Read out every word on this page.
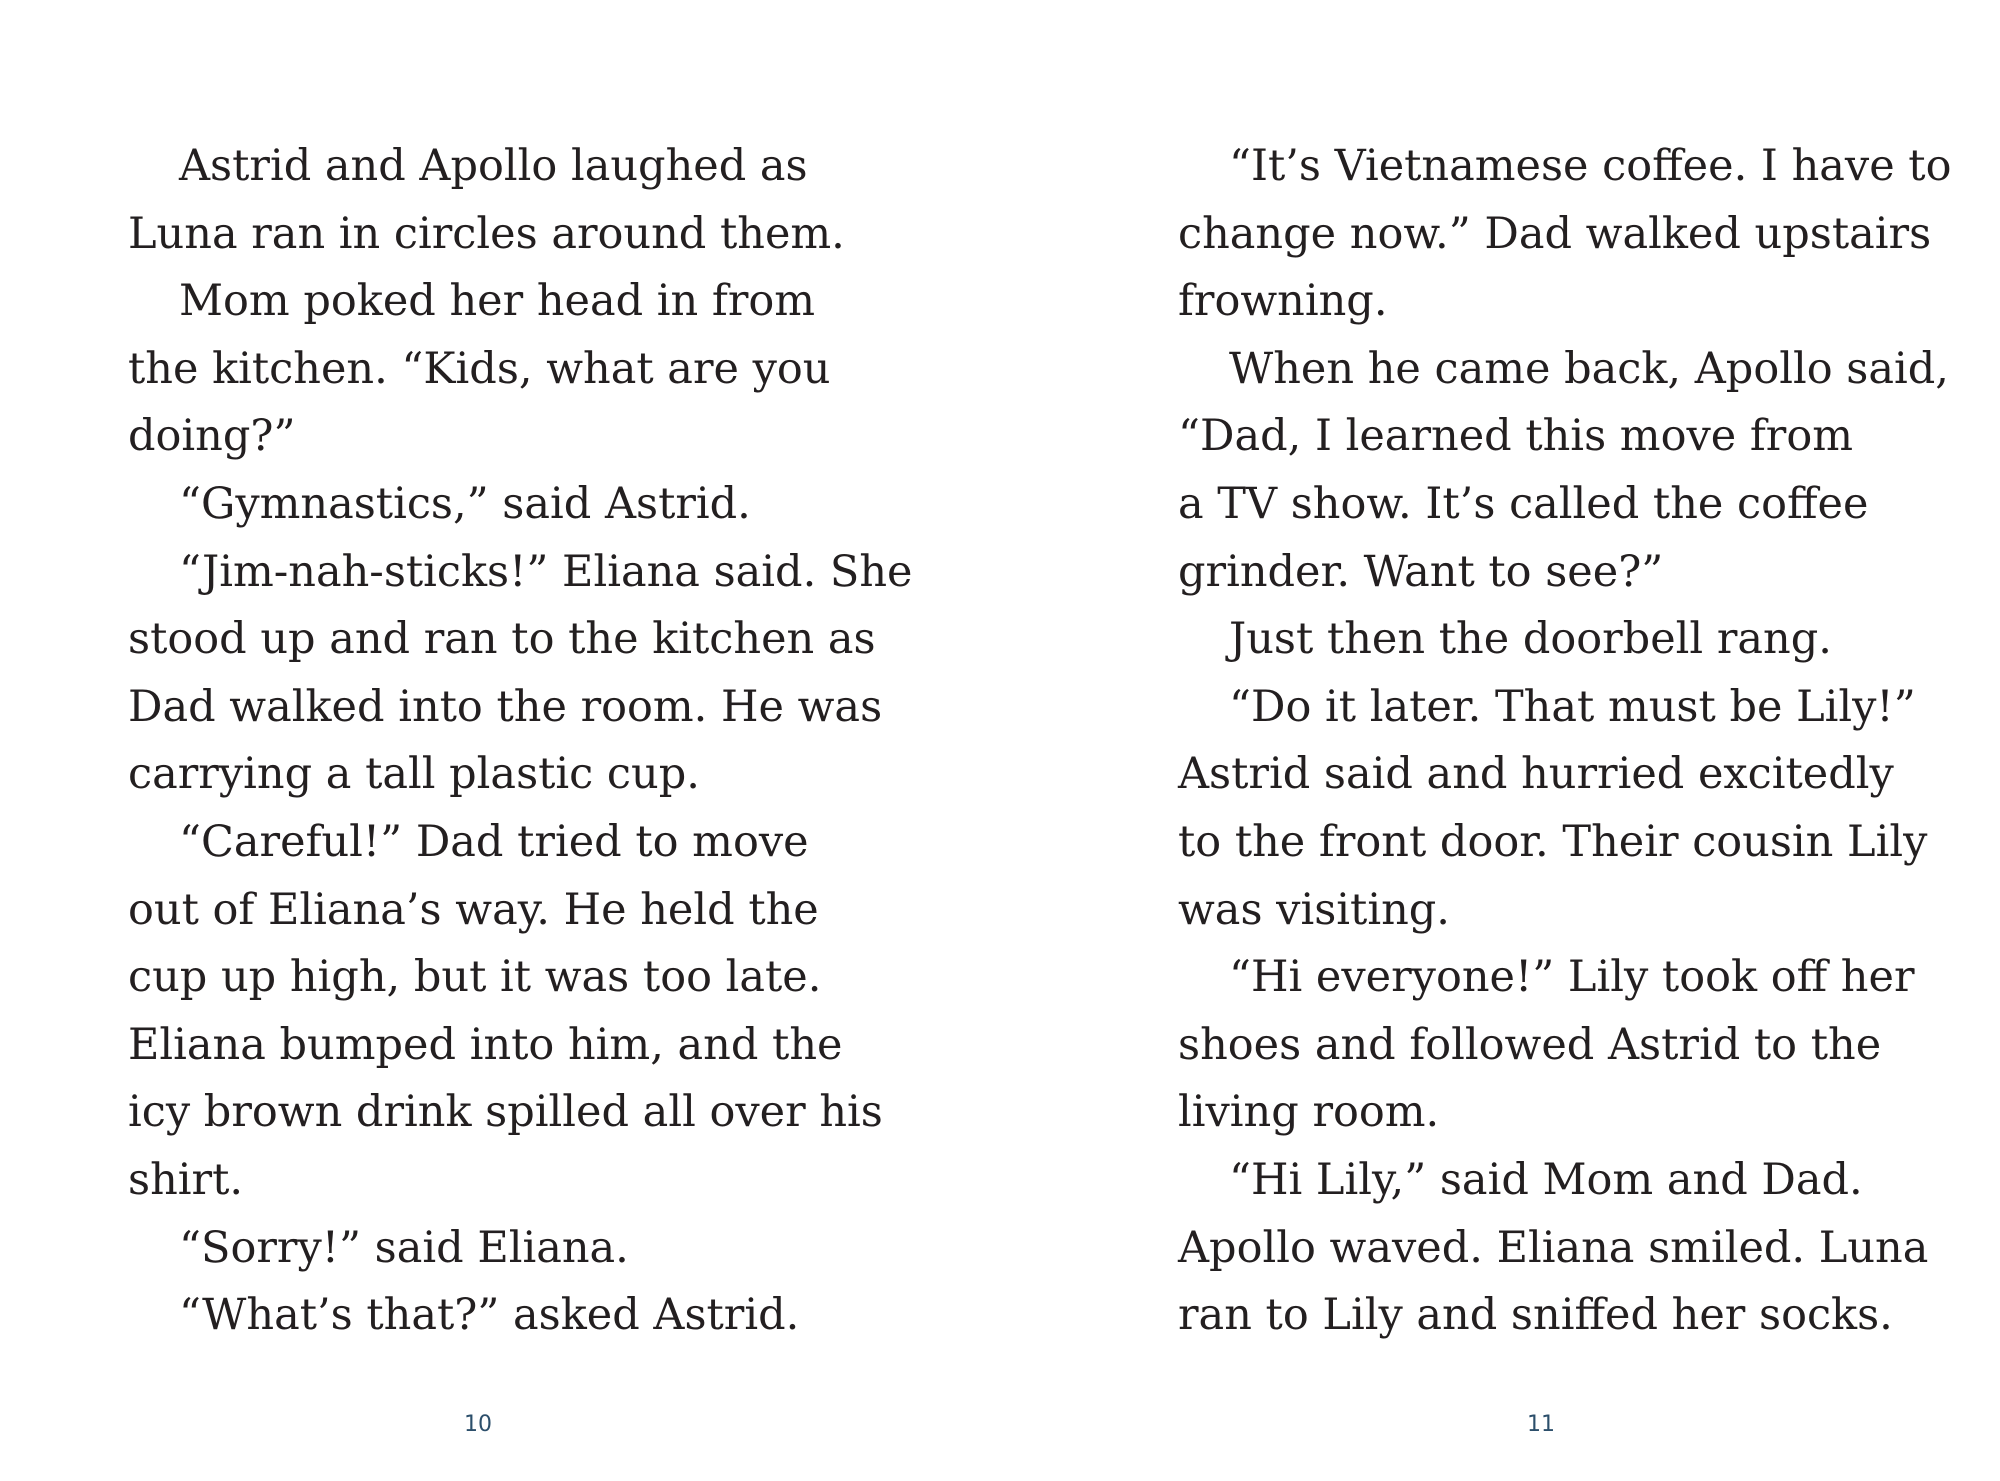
Astrid and Apollo laughed as
Luna ran in circles around them.
Mom poked her head in from
the kitchen. “Kids, what are you
doing?”
“Gymnastics,” said Astrid.
“Jim-nah-sticks!” Eliana said. She
stood up and ran to the kitchen as
Dad walked into the room. He was
carrying a tall plastic cup.
“Careful!” Dad tried to move
out of Eliana’s way. He held the
cup up high, but it was too late.
Eliana bumped into him, and the
icy brown drink spilled all over his
shirt.
“Sorry!” said Eliana.
“What’s that?” asked Astrid.
10
“It’s Vietnamese coffee. I have to
change now.” Dad walked upstairs
frowning.
When he came back, Apollo said,
“Dad, I learned this move from
a TV show. It’s called the coffee
grinder. Want to see?”
Just then the doorbell rang.
“Do it later. That must be Lily!”
Astrid said and hurried excitedly
to the front door. Their cousin Lily
was visiting.
“Hi everyone!” Lily took off her
shoes and followed Astrid to the
living room.
“Hi Lily,” said Mom and Dad.
Apollo waved. Eliana smiled. Luna
ran to Lily and sniffed her socks.
11
